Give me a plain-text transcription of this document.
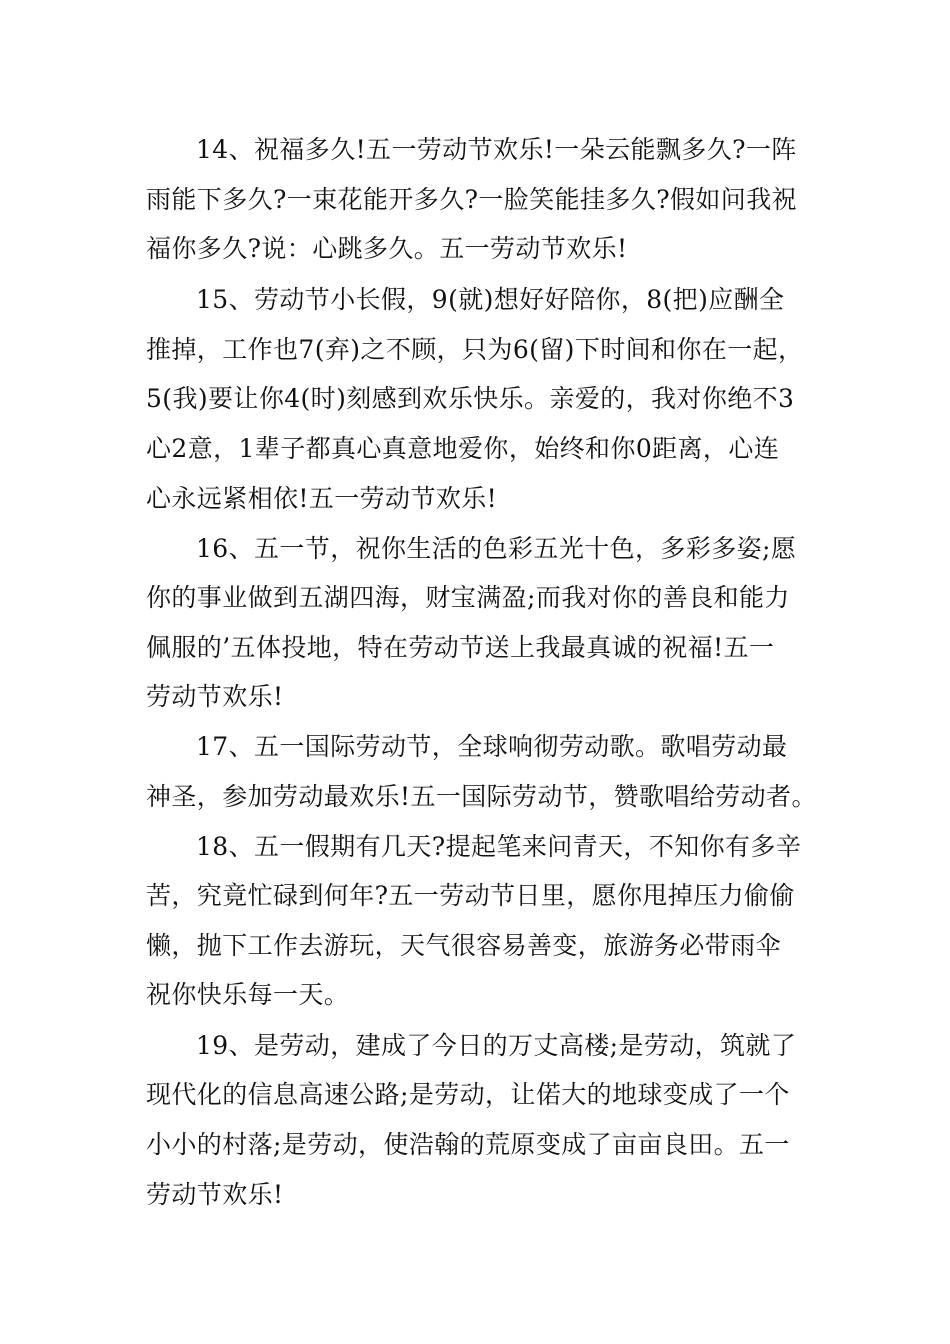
14、祝福多久!五一劳动节欢乐!一朵云能飘多久?一阵
雨能下多久?一束花能开多久?一脸笑能挂多久?假如问我祝
福你多久?说：心跳多久。五一劳动节欢乐!
15、劳动节小长假，9(就)想好好陪你，8(把)应酬全
推掉，工作也7(弃)之不顾，只为6(留)下时间和你在一起，
5(我)要让你4(时)刻感到欢乐快乐。亲爱的，我对你绝不3
心2意，1辈子都真心真意地爱你，始终和你0距离，心连
心永远紧相依!五一劳动节欢乐!
16、五一节，祝你生活的色彩五光十色，多彩多姿;愿
你的事业做到五湖四海，财宝满盈;而我对你的善良和能力
佩服的’五体投地，特在劳动节送上我最真诚的祝福!五一
劳动节欢乐!
17、五一国际劳动节，全球响彻劳动歌。歌唱劳动最
神圣，参加劳动最欢乐!五一国际劳动节，赞歌唱给劳动者。
18、五一假期有几天?提起笔来问青天，不知你有多辛
苦，究竟忙碌到何年?五一劳动节日里，愿你甩掉压力偷偷
懒，抛下工作去游玩，天气很容易善变，旅游务必带雨伞
祝你快乐每一天。
19、是劳动，建成了今日的万丈高楼;是劳动，筑就了
现代化的信息高速公路;是劳动，让偌大的地球变成了一个
小小的村落;是劳动，使浩翰的荒原变成了亩亩良田。五一
劳动节欢乐!
